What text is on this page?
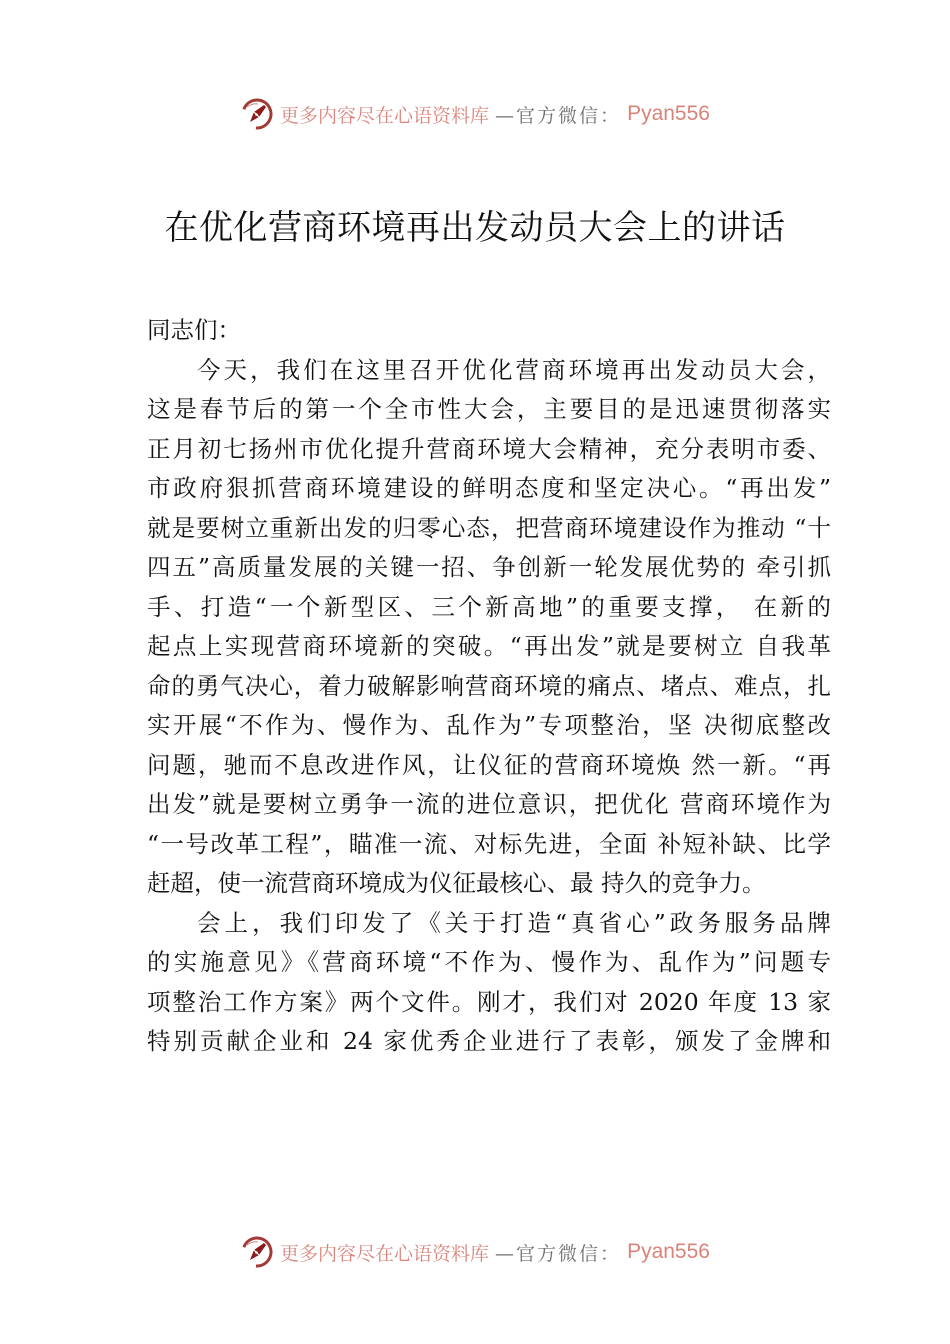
更多内容尽在心语资料库 —官方微信： Pyan556
在优化营商环境再出发动员大会上的讲话
同志们：
今天，我们在这里召开优化营商环境再出发动员大会，
这是春节后的第一个全市性大会，主要目的是迅速贯彻落实
正月初七扬州市优化提升营商环境大会精神，充分表明市委、
市政府狠抓营商环境建设的鲜明态度和坚定决心。“再出发”
就是要树立重新出发的归零心态，把营商环境建设作为推动 “十
四五”高质量发展的关键一招、争创新一轮发展优势的 牵引抓
手、打造“一个新型区、三个新高地”的重要支撑， 在新的
起点上实现营商环境新的突破。“再出发”就是要树立 自我革
命的勇气决心，着力破解影响营商环境的痛点、堵点、难点，扎
实开展“不作为、慢作为、乱作为”专项整治，坚 决彻底整改
问题，驰而不息改进作风，让仪征的营商环境焕 然一新。“再
出发”就是要树立勇争一流的进位意识，把优化 营商环境作为
“一号改革工程”，瞄准一流、对标先进，全面 补短补缺、比学
赶超，使一流营商环境成为仪征最核心、最 持久的竞争力。
会上，我们印发了《关于打造“真省心”政务服务品牌
的实施意见》《营商环境“不作为、慢作为、乱作为”问题专
项整治工作方案》两个文件。刚才，我们对 2020 年度 13 家
特别贡献企业和 24 家优秀企业进行了表彰，颁发了金牌和
更多内容尽在心语资料库 —官方微信： Pyan556
